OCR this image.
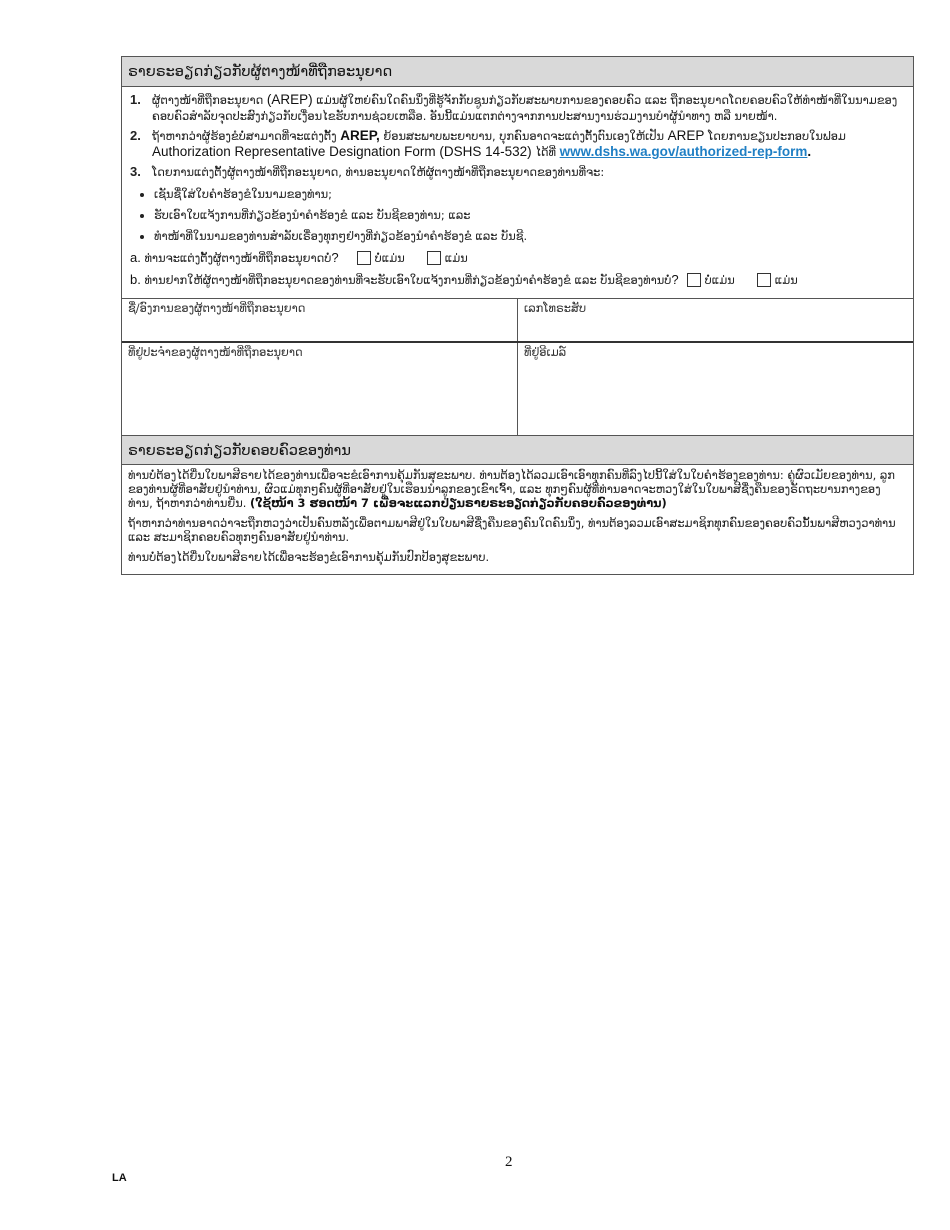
ຣາຍຣະອຽດກ່ຽວກັບຜູ້ຕາງໜ້າທີ່ຖືກອະນຸຍາດ
1. ຜູ້ຕາງໜ້າທີ່ຖືກອະນຸຍາດ (AREP) ແມ່ນຜູ້ໃຫຍ່ຄົນໃດຄົນນຶ່ງທີ່ຮູ້ຈັກກັບຊູນກ່ຽວກັບສະພາບການຂອງຄອບຄົວ ແລະ ຖືກອະນຸຍາດໂດຍຄອບຄົວໃຫ້ທຳໜ້າທີ່ໃນນາມຂອງຄອບຄົວສຳລັບຈຸດປະສົງກ່ຽວກັບເງື່ອນໄຂຮັບການຊ່ວຍເຫລືອ. ອັນນີ້ແມ່ນແຕກຕ່າງຈາກການປະສານງານຮ່ວມງານບຳຜູ້ນຳທາງ ຫລື ນາຍໜ້າ.
2. ຖ້າຫາກວ່າຜູ້ຮ້ອງຂໍບໍ່ສາມາດທີ່ຈະແຕ່ງຕັ້ງ AREP, ຍ້ອນສະພາບພະຍາບານ, ບຸກຄົນອາດຈະແຕ່ງຕັ້ງຕົນເອງໃຫ້ເປັນ AREP ໂດຍການຂຽນປະກອບໃນຟອມ
Authorization Representative Designation Form (DSHS 14-532) ໄດ້ທີ່ www.dshs.wa.gov/authorized-rep-form.
3. ໂດຍການແຕ່ງຕັ້ງຜູ້ຕາງໜ້າທີ່ຖືກອະນຸຍາດ, ທ່ານອະນຸຍາດໃຫ້ຜູ້ຕາງໜ້າທີ່ຖືກອະນຸຍາດຂອງທ່ານທີ່ຈະ:
• ເຊັນຊື່ໃສ່ໃບຄຳຮ້ອງຂໍໃນນາມຂອງທ່ານ;
• ຮັບເອົາໃບແຈ້ງການທີ່ກ່ຽວຂ້ອງນຳຄຳຮ້ອງຂໍ ແລະ ບັນຊີຂອງທ່ານ; ແລະ
• ທຳໜ້າທີ່ໃນນາມຂອງທ່ານສຳລັບເຣື່ອງທຸກໆຢ່າງທີ່ກ່ຽວຂ້ອງນຳຄຳຮ້ອງຂໍ ແລະ ບັນຊີ.
a.
ທ່ານຈະແຕ່ງຕັ້ງຜູ້ຕາງໜ້າທີ່ຖືກອະນຸຍາດບໍ່ ?	ບໍ່ແມ່ນ	ແມ່ນ
b.
ທ່ານຢາກໃຫ້ຜູ້ຕາງໜ້າທີ່ຖືກອະນຸຍາດຂອງທ່ານທີ່ຈະຮັບເອົາໃບແຈ້ງການທີ່ກ່ຽວຂ້ອງນຳຄຳຮ້ອງຂໍ ແລະ ບັນຊີຂອງທ່ານບໍ່ ? ບໍ່ແມ່ນ	ແມ່ນ
ຊື່/ອົງການຂອງຜູ້ຕາງໜ້າທີ່ຖືກອະນຸຍາດ	ເລກໂທຣະສັບ
ທີ່ຢູ່ປະຈຳຂອງຜູ້ຕາງໜ້າທີ່ຖືກອະນຸຍາດ	ທີ່ຢູ່ອີເມລ໌
ຣາຍຣະອຽດກ່ຽວກັບຄອບຄົວຂອງທ່ານ

ທ່ານບໍ່ຕ້ອງໄດ້ຍື່ນໃບພາສີຣາຍໄດ້ຂອງທ່ານເພື່ອຈະຂໍເອົາການຄຸ້ມກັນສຸຂະພາບ. ທ່ານຕ້ອງໄດ້ລວມເອົາເອົາທຸກຄົນທີ່ລົງໄປນີ້ໃສ່ໃນໃບຄຳຮ້ອງຂອງທ່ານ: ຄູ່ຜົວເມັຍຂອງທ່ານ, ລູກຂອງທ່ານຜູ້ທີ່ອາສັຍຢູ່ນຳທ່ານ, ຜົວແມ່ທຸກໆຄົນຜູ້ທີ່ອາສັຍຢູ່ໃນເຮືອນນຳລູກຂອງເຂົາເຈົ້າ, ແລະ ທຸກໆຄົນຜູ້ທີ່ທ່ານອາດຈະຫວງໃສ່ໃນໃບພາສີຊື່ງຄືນຂອງຣັດຖະບານກາງຂອງທ່ານ, ຖ້າຫາກວ່າທ່ານຍື່ນ. (ໃຊ້ໜ້າ 3 ຮອດໜ້າ 7 ເພື່ອຈະແລກປ່ຽນຣາຍຣະອຽດກ່ຽວກັບຄອບຄົວຂອງທ່ານ)

ຖ້າຫາກວ່າທ່ານອາດວ່າຈະຖືກຫວງວ່າເປັນຄົນຫລັງເພື່ອຕາມພາສີຢູ່ໃນໃບພາສີຊື່ງຄືນຂອງຄົນໃດຄົນນຶ່ງ, ທ່ານຕ້ອງລວມເອົາສະມາຊິກທຸກຄົນຂອງຄອບຄົວນັ້ນພາສີຫວງວາທ່ານ ແລະ ສະມາຊິກຄອບຄົວທຸກໆຄົນອາສັຍຢູ່ນຳທ່ານ.

ທ່ານບໍ່ຕ້ອງໄດ້ຍື່ນໃບພາສີຣາຍໄດ້ເພື່ອຈະຮ້ອງຂໍເອົາການຄຸ້ມກັນປົກປ້ອງສຸຂະພາບ.

2
LA
